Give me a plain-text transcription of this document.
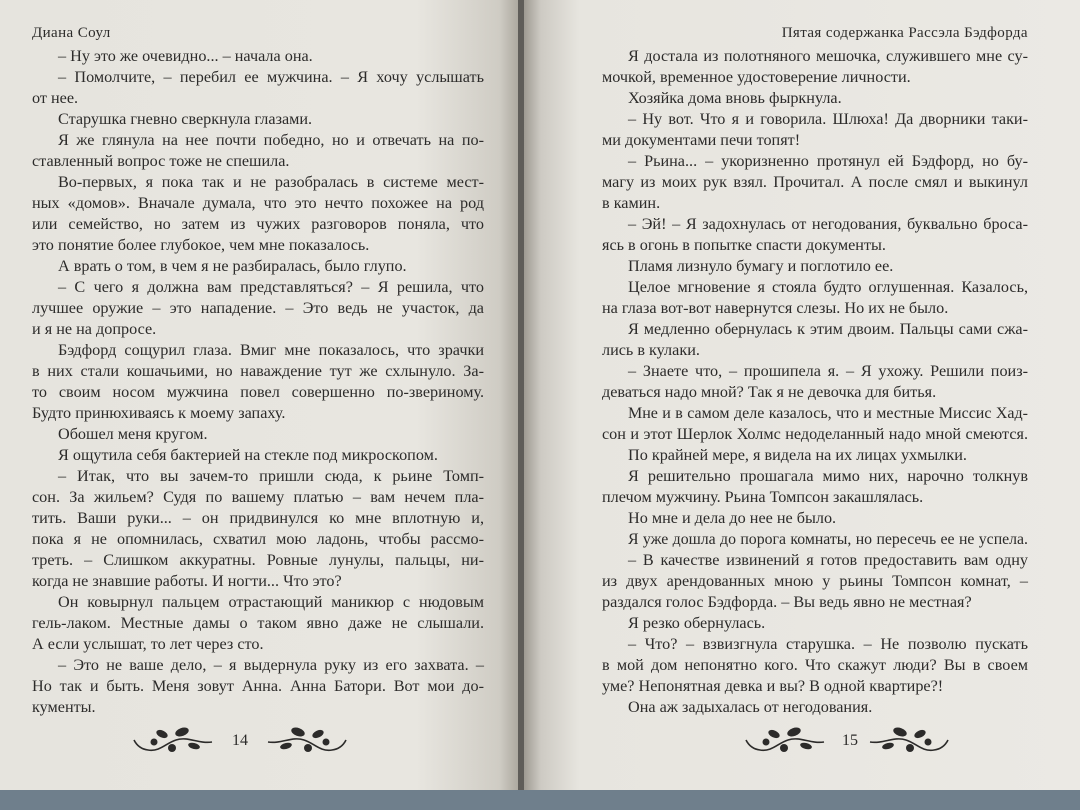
Диана Соул
– Ну это же очевидно... – начала она.
– Помолчите, – перебил ее мужчина. – Я хочу услышать
от нее.
Старушка гневно сверкнула глазами.
Я же глянула на нее почти победно, но и отвечать на по-
ставленный вопрос тоже не спешила.
Во-первых, я пока так и не разобралась в системе мест-
ных «домов». Вначале думала, что это нечто похожее на род
или семейство, но затем из чужих разговоров поняла, что
это понятие более глубокое, чем мне показалось.
А врать о том, в чем я не разбиралась, было глупо.
– С чего я должна вам представляться? – Я решила, что
лучшее оружие – это нападение. – Это ведь не участок, да
и я не на допросе.
Бэдфорд сощурил глаза. Вмиг мне показалось, что зрачки
в них стали кошачьими, но наваждение тут же схлынуло. За-
то своим носом мужчина повел совершенно по-звериному.
Будто принюхиваясь к моему запаху.
Обошел меня кругом.
Я ощутила себя бактерией на стекле под микроскопом.
– Итак, что вы зачем-то пришли сюда, к рьине Томп-
сон. За жильем? Судя по вашему платью – вам нечем пла-
тить. Ваши руки... – он придвинулся ко мне вплотную и,
пока я не опомнилась, схватил мою ладонь, чтобы рассмо-
треть. – Слишком аккуратны. Ровные лунулы, пальцы, ни-
когда не знавшие работы. И ногти... Что это?
Он ковырнул пальцем отрастающий маникюр с нюдовым
гель-лаком. Местные дамы о таком явно даже не слышали.
А если услышат, то лет через сто.
– Это не ваше дело, – я выдернула руку из его захвата. –
Но так и быть. Меня зовут Анна. Анна Батори. Вот мои до-
кументы.
14
Пятая содержанка Рассэла Бэдфорда
Я достала из полотняного мешочка, служившего мне су-
мочкой, временное удостоверение личности.
Хозяйка дома вновь фыркнула.
– Ну вот. Что я и говорила. Шлюха! Да дворники таки-
ми документами печи топят!
– Рьина... – укоризненно протянул ей Бэдфорд, но бу-
магу из моих рук взял. Прочитал. А после смял и выкинул
в камин.
– Эй! – Я задохнулась от негодования, буквально броса-
ясь в огонь в попытке спасти документы.
Пламя лизнуло бумагу и поглотило ее.
Целое мгновение я стояла будто оглушенная. Казалось,
на глаза вот-вот навернутся слезы. Но их не было.
Я медленно обернулась к этим двоим. Пальцы сами сжа-
лись в кулаки.
– Знаете что, – прошипела я. – Я ухожу. Решили поиз-
деваться надо мной? Так я не девочка для битья.
Мне и в самом деле казалось, что и местные Миссис Хад-
сон и этот Шерлок Холмс недоделанный надо мной смеются.
По крайней мере, я видела на их лицах ухмылки.
Я решительно прошагала мимо них, нарочно толкнув
плечом мужчину. Рьина Томпсон закашлялась.
Но мне и дела до нее не было.
Я уже дошла до порога комнаты, но пересечь ее не успела.
– В качестве извинений я готов предоставить вам одну
из двух арендованных мною у рьины Томпсон комнат, –
раздался голос Бэдфорда. – Вы ведь явно не местная?
Я резко обернулась.
– Что? – взвизгнула старушка. – Не позволю пускать
в мой дом непонятно кого. Что скажут люди? Вы в своем
уме? Непонятная девка и вы? В одной квартире?!
Она аж задыхалась от негодования.
15
